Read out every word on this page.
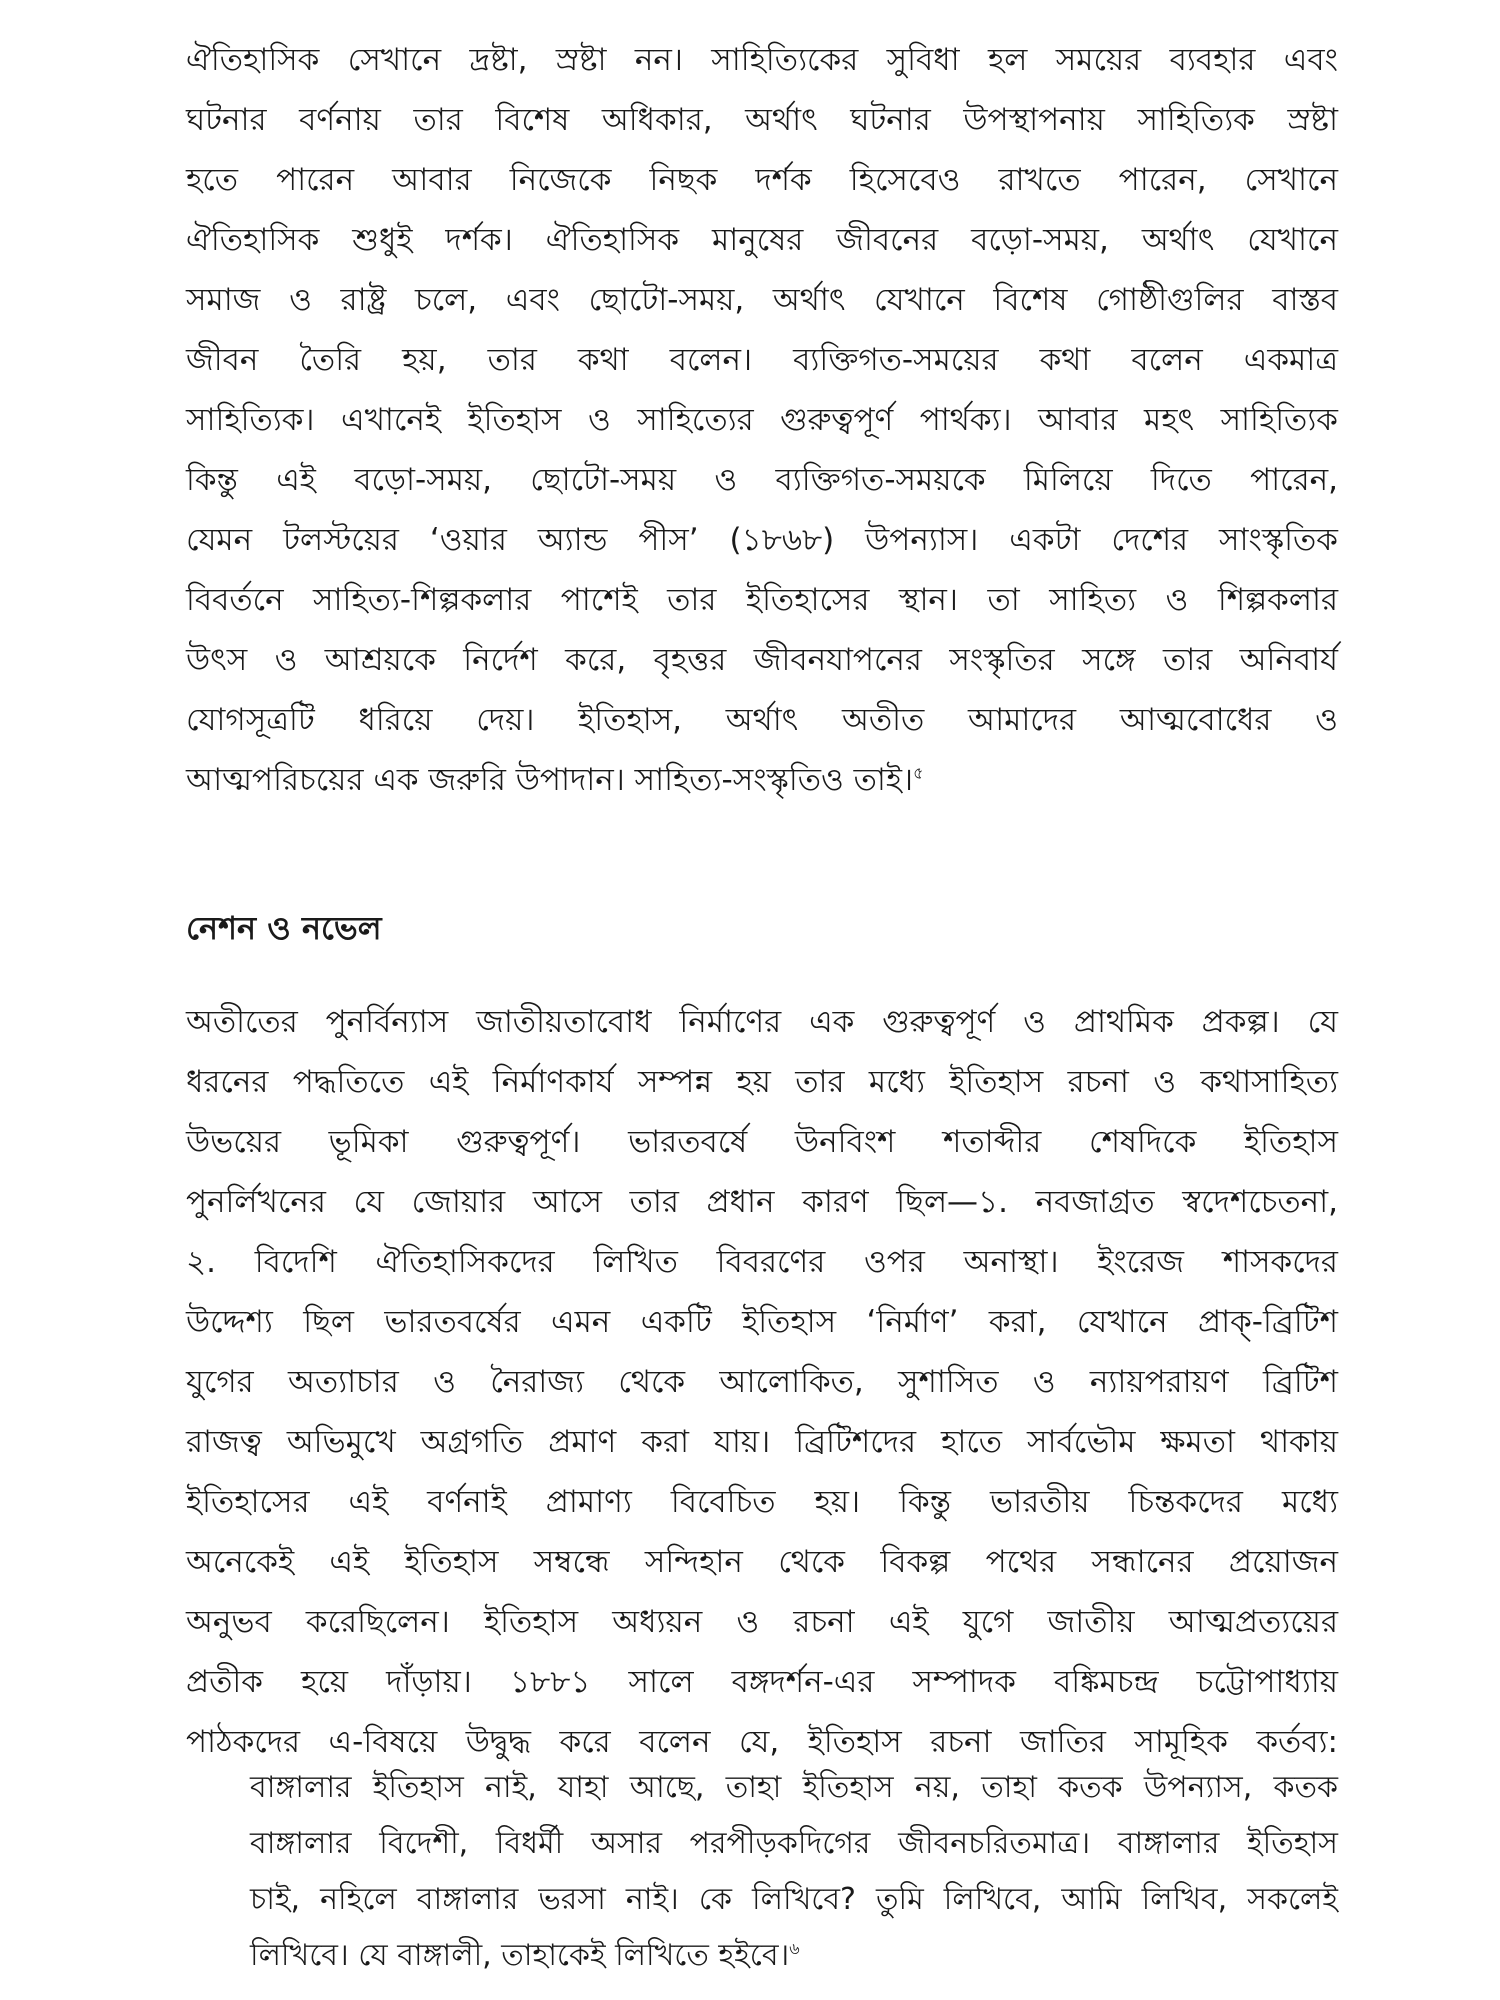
ঐতিহাসিক সেখানে দ্রষ্টা, স্রষ্টা নন। সাহিত্যিকের সুবিধা হল সময়ের ব্যবহার এবং
ঘটনার বর্ণনায় তার বিশেষ অধিকার, অর্থাৎ ঘটনার উপস্থাপনায় সাহিত্যিক স্রষ্টা
হতে পারেন আবার নিজেকে নিছক দর্শক হিসেবেও রাখতে পারেন, সেখানে
ঐতিহাসিক শুধুই দর্শক। ঐতিহাসিক মানুষের জীবনের বড়ো-সময়, অর্থাৎ যেখানে
সমাজ ও রাষ্ট্র চলে, এবং ছোটো-সময়, অর্থাৎ যেখানে বিশেষ গোষ্ঠীগুলির বাস্তব
জীবন তৈরি হয়, তার কথা বলেন। ব্যক্তিগত-সময়ের কথা বলেন একমাত্র
সাহিত্যিক। এখানেই ইতিহাস ও সাহিত্যের গুরুত্বপূর্ণ পার্থক্য। আবার মহৎ সাহিত্যিক
কিন্তু এই বড়ো-সময়, ছোটো-সময় ও ব্যক্তিগত-সময়কে মিলিয়ে দিতে পারেন,
যেমন টলস্টয়ের ‘ওয়ার অ্যান্ড পীস’ (১৮৬৮) উপন্যাস। একটা দেশের সাংস্কৃতিক
বিবর্তনে সাহিত্য-শিল্পকলার পাশেই তার ইতিহাসের স্থান। তা সাহিত্য ও শিল্পকলার
উৎস ও আশ্রয়কে নির্দেশ করে, বৃহত্তর জীবনযাপনের সংস্কৃতির সঙ্গে তার অনিবার্য
যোগসূত্রটি ধরিয়ে দেয়। ইতিহাস, অর্থাৎ অতীত আমাদের আত্মবোধের ও
আত্মপরিচয়ের এক জরুরি উপাদান। সাহিত্য-সংস্কৃতিও তাই।$^৫$
নেশন ও নভেল
অতীতের পুনর্বিন্যাস জাতীয়তাবোধ নির্মাণের এক গুরুত্বপূর্ণ ও প্রাথমিক প্রকল্প। যে
ধরনের পদ্ধতিতে এই নির্মাণকার্য সম্পন্ন হয় তার মধ্যে ইতিহাস রচনা ও কথাসাহিত্য
উভয়ের ভূমিকা গুরুত্বপূর্ণ। ভারতবর্ষে উনবিংশ শতাব্দীর শেষদিকে ইতিহাস
পুনর্লিখনের যে জোয়ার আসে তার প্রধান কারণ ছিল—১. নবজাগ্রত স্বদেশচেতনা,
২. বিদেশি ঐতিহাসিকদের লিখিত বিবরণের ওপর অনাস্থা। ইংরেজ শাসকদের
উদ্দেশ্য ছিল ভারতবর্ষের এমন একটি ইতিহাস ‘নির্মাণ’ করা, যেখানে প্রাক্-ব্রিটিশ
যুগের অত্যাচার ও নৈরাজ্য থেকে আলোকিত, সুশাসিত ও ন্যায়পরায়ণ ব্রিটিশ
রাজত্ব অভিমুখে অগ্রগতি প্রমাণ করা যায়। ব্রিটিশদের হাতে সার্বভৌম ক্ষমতা থাকায়
ইতিহাসের এই বর্ণনাই প্রামাণ্য বিবেচিত হয়। কিন্তু ভারতীয় চিন্তকদের মধ্যে
অনেকেই এই ইতিহাস সম্বন্ধে সন্দিহান থেকে বিকল্প পথের সন্ধানের প্রয়োজন
অনুভব করেছিলেন। ইতিহাস অধ্যয়ন ও রচনা এই যুগে জাতীয় আত্মপ্রত্যয়ের
প্রতীক হয়ে দাঁড়ায়। ১৮৮১ সালে বঙ্গদর্শন-এর সম্পাদক বঙ্কিমচন্দ্র চট্টোপাধ্যায়
পাঠকদের এ-বিষয়ে উদ্বুদ্ধ করে বলেন যে, ইতিহাস রচনা জাতির সামূহিক কর্তব্য:
বাঙ্গালার ইতিহাস নাই, যাহা আছে, তাহা ইতিহাস নয়, তাহা কতক উপন্যাস, কতক
বাঙ্গালার বিদেশী, বিধর্মী অসার পরপীড়কদিগের জীবনচরিতমাত্র। বাঙ্গালার ইতিহাস
চাই, নহিলে বাঙ্গালার ভরসা নাই। কে লিখিবে? তুমি লিখিবে, আমি লিখিব, সকলেই
লিখিবে। যে বাঙ্গালী, তাহাকেই লিখিতে হইবে।$^৬$
